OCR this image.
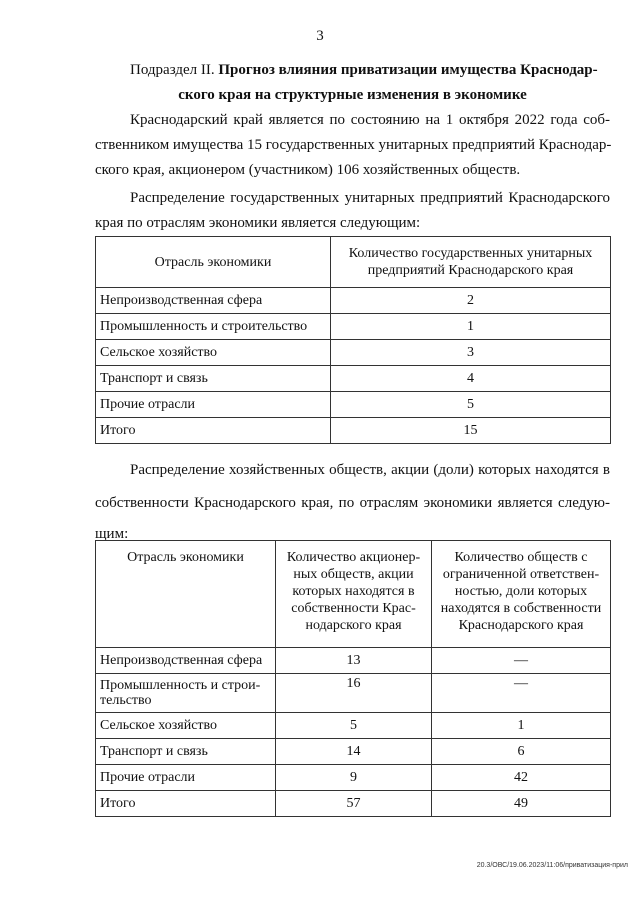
3
Подраздел II. Прогноз влияния приватизации имущества Краснодар-
ского края на структурные изменения в экономике
Краснодарский край является по состоянию на 1 октября 2022 года соб-
ственником имущества 15 государственных унитарных предприятий Краснодар-
ского края, акционером (участником) 106 хозяйственных обществ.
Распределение государственных унитарных предприятий Краснодарского
края по отраслям экономики является следующим:
Отрасль экономики	Количество государственных унитарных предприятий Краснодарского края
Непроизводственная сфера	2
Промышленность и строительство	1
Сельское хозяйство	3
Транспорт и связь	4
Прочие отрасли	5
Итого	15
Распределение хозяйственных обществ, акции (доли) которых находятся в
собственности Краснодарского края, по отраслям экономики является следую-
щим:
Отрасль экономики	Количество акционер-ных обществ, акции которых находятся в собственности Крас-нодарского края	Количество обществ с ограниченной ответствен-ностью, доли которых находятся в собственности Краснодарского края
Непроизводственная сфера	13	—
Промышленность и строи-тельство	16	—
Сельское хозяйство	5	1
Транспорт и связь	14	6
Прочие отрасли	9	42
Итого	57	49
20.3/ОВС/19.06.2023/11:06/приватизация-прил
